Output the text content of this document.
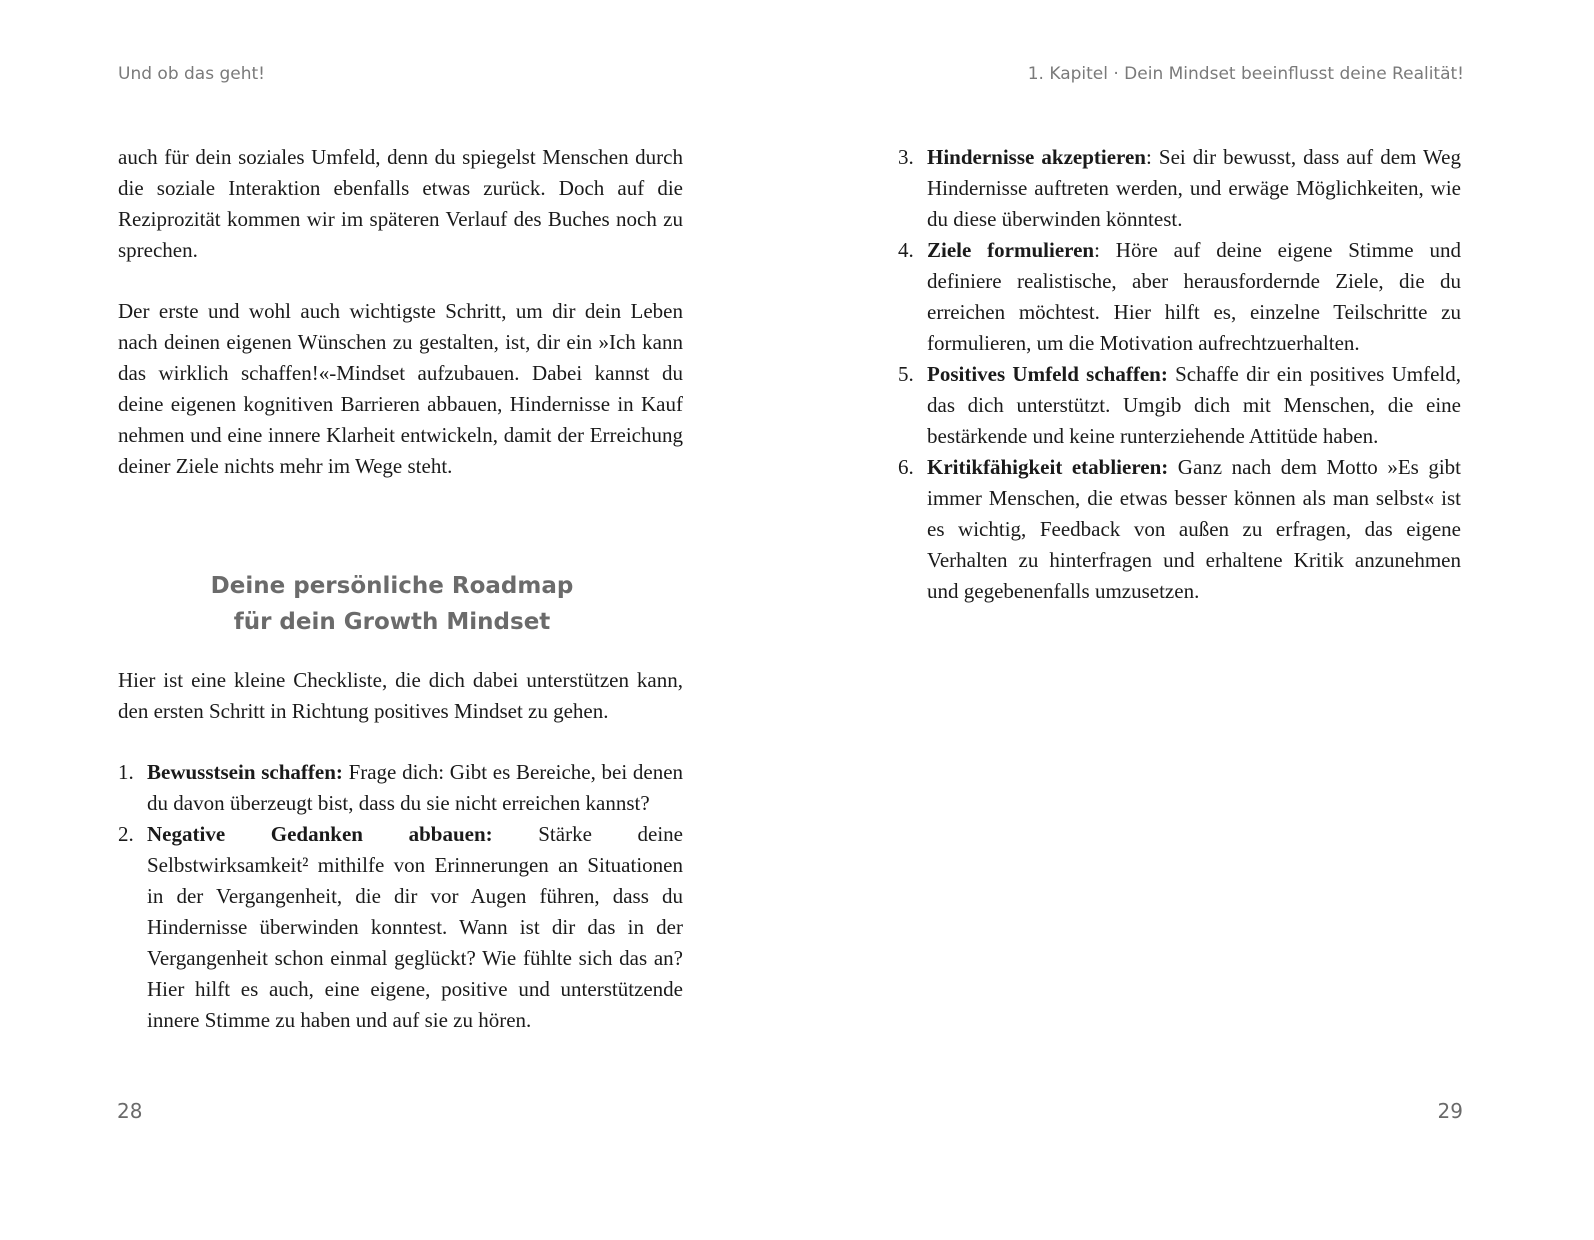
Und ob das geht!

auch für dein soziales Umfeld, denn du spiegelst Menschen durch die soziale Interaktion ebenfalls etwas zurück. Doch auf die Reziprozität kommen wir im späteren Verlauf des Buches noch zu sprechen.

Der erste und wohl auch wichtigste Schritt, um dir dein Leben nach deinen eigenen Wünschen zu gestalten, ist, dir ein »Ich kann das wirklich schaffen!«-Mindset aufzubauen. Dabei kannst du deine eigenen kognitiven Barrieren abbauen, Hindernisse in Kauf nehmen und eine innere Klarheit entwickeln, damit der Erreichung deiner Ziele nichts mehr im Wege steht.

Deine persönliche Roadmap
für dein Growth Mindset

Hier ist eine kleine Checkliste, die dich dabei unterstützen kann, den ersten Schritt in Richtung positives Mindset zu gehen.

1. Bewusstsein schaffen: Frage dich: Gibt es Bereiche, bei denen du davon überzeugt bist, dass du sie nicht erreichen kannst?
2. Negative Gedanken abbauen: Stärke deine Selbstwirksamkeit² mithilfe von Erinnerungen an Situationen in der Vergangenheit, die dir vor Augen führen, dass du Hindernisse überwinden konntest. Wann ist dir das in der Vergangenheit schon einmal geglückt? Wie fühlte sich das an? Hier hilft es auch, eine eigene, positive und unterstützende innere Stimme zu haben und auf sie zu hören.
28
1. Kapitel · Dein Mindset beeinflusst deine Realität!
3. Hindernisse akzeptieren: Sei dir bewusst, dass auf dem Weg Hindernisse auftreten werden, und erwäge Möglichkeiten, wie du diese überwinden könntest.
4. Ziele formulieren: Höre auf deine eigene Stimme und definiere realistische, aber herausfordernde Ziele, die du erreichen möchtest. Hier hilft es, einzelne Teilschritte zu formulieren, um die Motivation aufrechtzuerhalten.
5. Positives Umfeld schaffen: Schaffe dir ein positives Umfeld, das dich unterstützt. Umgib dich mit Menschen, die eine bestärkende und keine runterziehende Attitüde haben.
6. Kritikfähigkeit etablieren: Ganz nach dem Motto »Es gibt immer Menschen, die etwas besser können als man selbst« ist es wichtig, Feedback von außen zu erfragen, das eigene Verhalten zu hinterfragen und erhaltene Kritik anzunehmen und gegebenenfalls umzusetzen.
29
